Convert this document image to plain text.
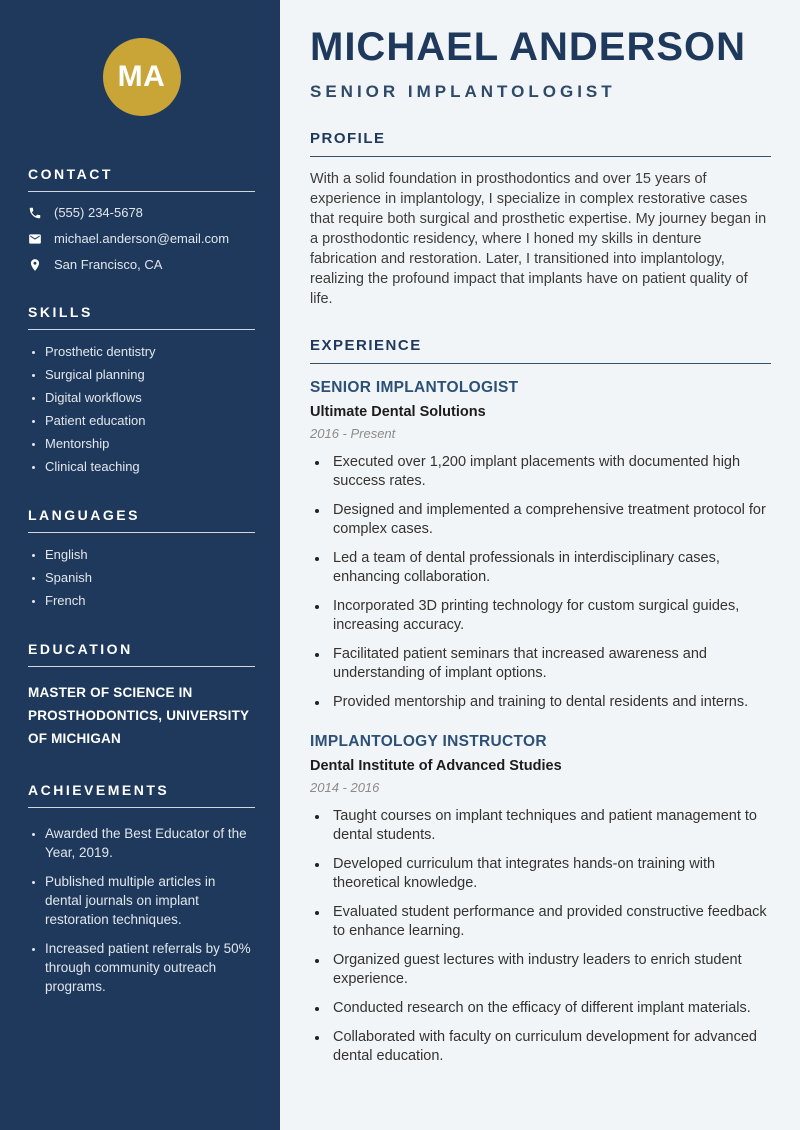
MA
CONTACT
(555) 234-5678
michael.anderson@email.com
San Francisco, CA
SKILLS
• Prosthetic dentistry
• Surgical planning
• Digital workflows
• Patient education
• Mentorship
• Clinical teaching
LANGUAGES
• English
• Spanish
• French
EDUCATION
MASTER OF SCIENCE IN PROSTHODONTICS, UNIVERSITY OF MICHIGAN
ACHIEVEMENTS
• Awarded the Best Educator of the Year, 2019.
• Published multiple articles in dental journals on implant restoration techniques.
• Increased patient referrals by 50% through community outreach programs.
MICHAEL ANDERSON
SENIOR IMPLANTOLOGIST
PROFILE

With a solid foundation in prosthodontics and over 15 years of experience in implantology, I specialize in complex restorative cases that require both surgical and prosthetic expertise. My journey began in a prosthodontic residency, where I honed my skills in denture fabrication and restoration. Later, I transitioned into implantology, realizing the profound impact that implants have on patient quality of life.

EXPERIENCE
SENIOR IMPLANTOLOGIST
Ultimate Dental Solutions
2016 - Present
• Executed over 1,200 implant placements with documented high success rates.
• Designed and implemented a comprehensive treatment protocol for complex cases.
• Led a team of dental professionals in interdisciplinary cases, enhancing collaboration.
• Incorporated 3D printing technology for custom surgical guides, increasing accuracy.
• Facilitated patient seminars that increased awareness and understanding of implant options.
• Provided mentorship and training to dental residents and interns.
IMPLANTOLOGY INSTRUCTOR
Dental Institute of Advanced Studies
2014 - 2016
• Taught courses on implant techniques and patient management to dental students.
• Developed curriculum that integrates hands-on training with theoretical knowledge.
• Evaluated student performance and provided constructive feedback to enhance learning.
• Organized guest lectures with industry leaders to enrich student experience.
• Conducted research on the efficacy of different implant materials.
• Collaborated with faculty on curriculum development for advanced dental education.
